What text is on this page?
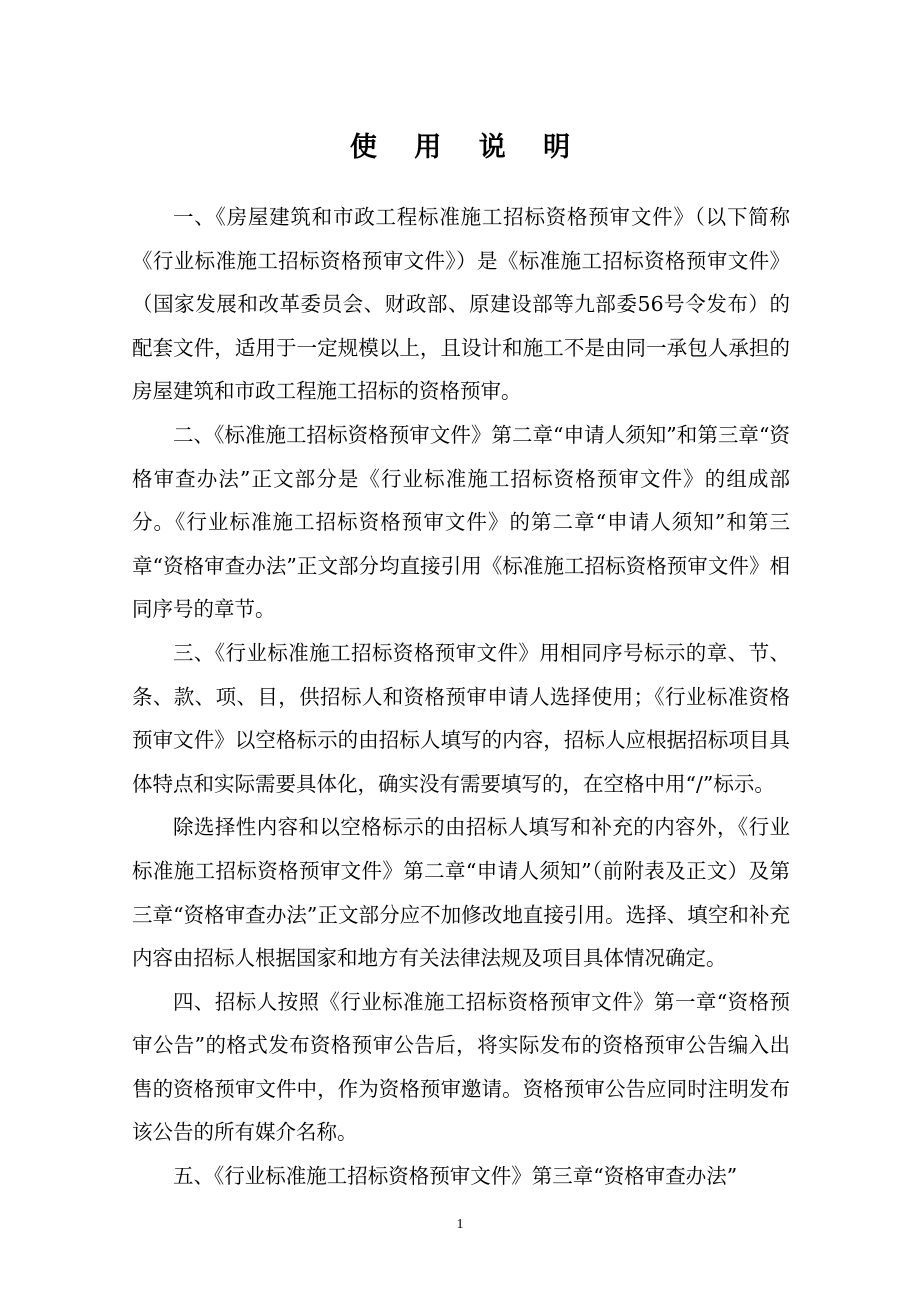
使 用 说 明

一、《房屋建筑和市政工程标准施工招标资格预审文件》（以下简称《行业标准施工招标资格预审文件》）是《标准施工招标资格预审文件》（国家发展和改革委员会、财政部、原建设部等九部委56号令发布）的配套文件，适用于一定规模以上，且设计和施工不是由同一承包人承担的房屋建筑和市政工程施工招标的资格预审。

二、《标准施工招标资格预审文件》第二章“申请人须知”和第三章“资格审查办法”正文部分是《行业标准施工招标资格预审文件》的组成部分。《行业标准施工招标资格预审文件》的第二章“申请人须知”和第三章“资格审查办法”正文部分均直接引用《标准施工招标资格预审文件》相同序号的章节。

三、《行业标准施工招标资格预审文件》用相同序号标示的章、节、条、款、项、目，供招标人和资格预审申请人选择使用；《行业标准资格预审文件》以空格标示的由招标人填写的内容，招标人应根据招标项目具体特点和实际需要具体化，确实没有需要填写的，在空格中用“/”标示。

除选择性内容和以空格标示的由招标人填写和补充的内容外，《行业标准施工招标资格预审文件》第二章“申请人须知”（前附表及正文）及第三章“资格审查办法”正文部分应不加修改地直接引用。选择、填空和补充内容由招标人根据国家和地方有关法律法规及项目具体情况确定。

四、招标人按照《行业标准施工招标资格预审文件》第一章“资格预审公告”的格式发布资格预审公告后，将实际发布的资格预审公告编入出售的资格预审文件中，作为资格预审邀请。资格预审公告应同时注明发布该公告的所有媒介名称。

五、《行业标准施工招标资格预审文件》第三章“资格审查办法”

1
